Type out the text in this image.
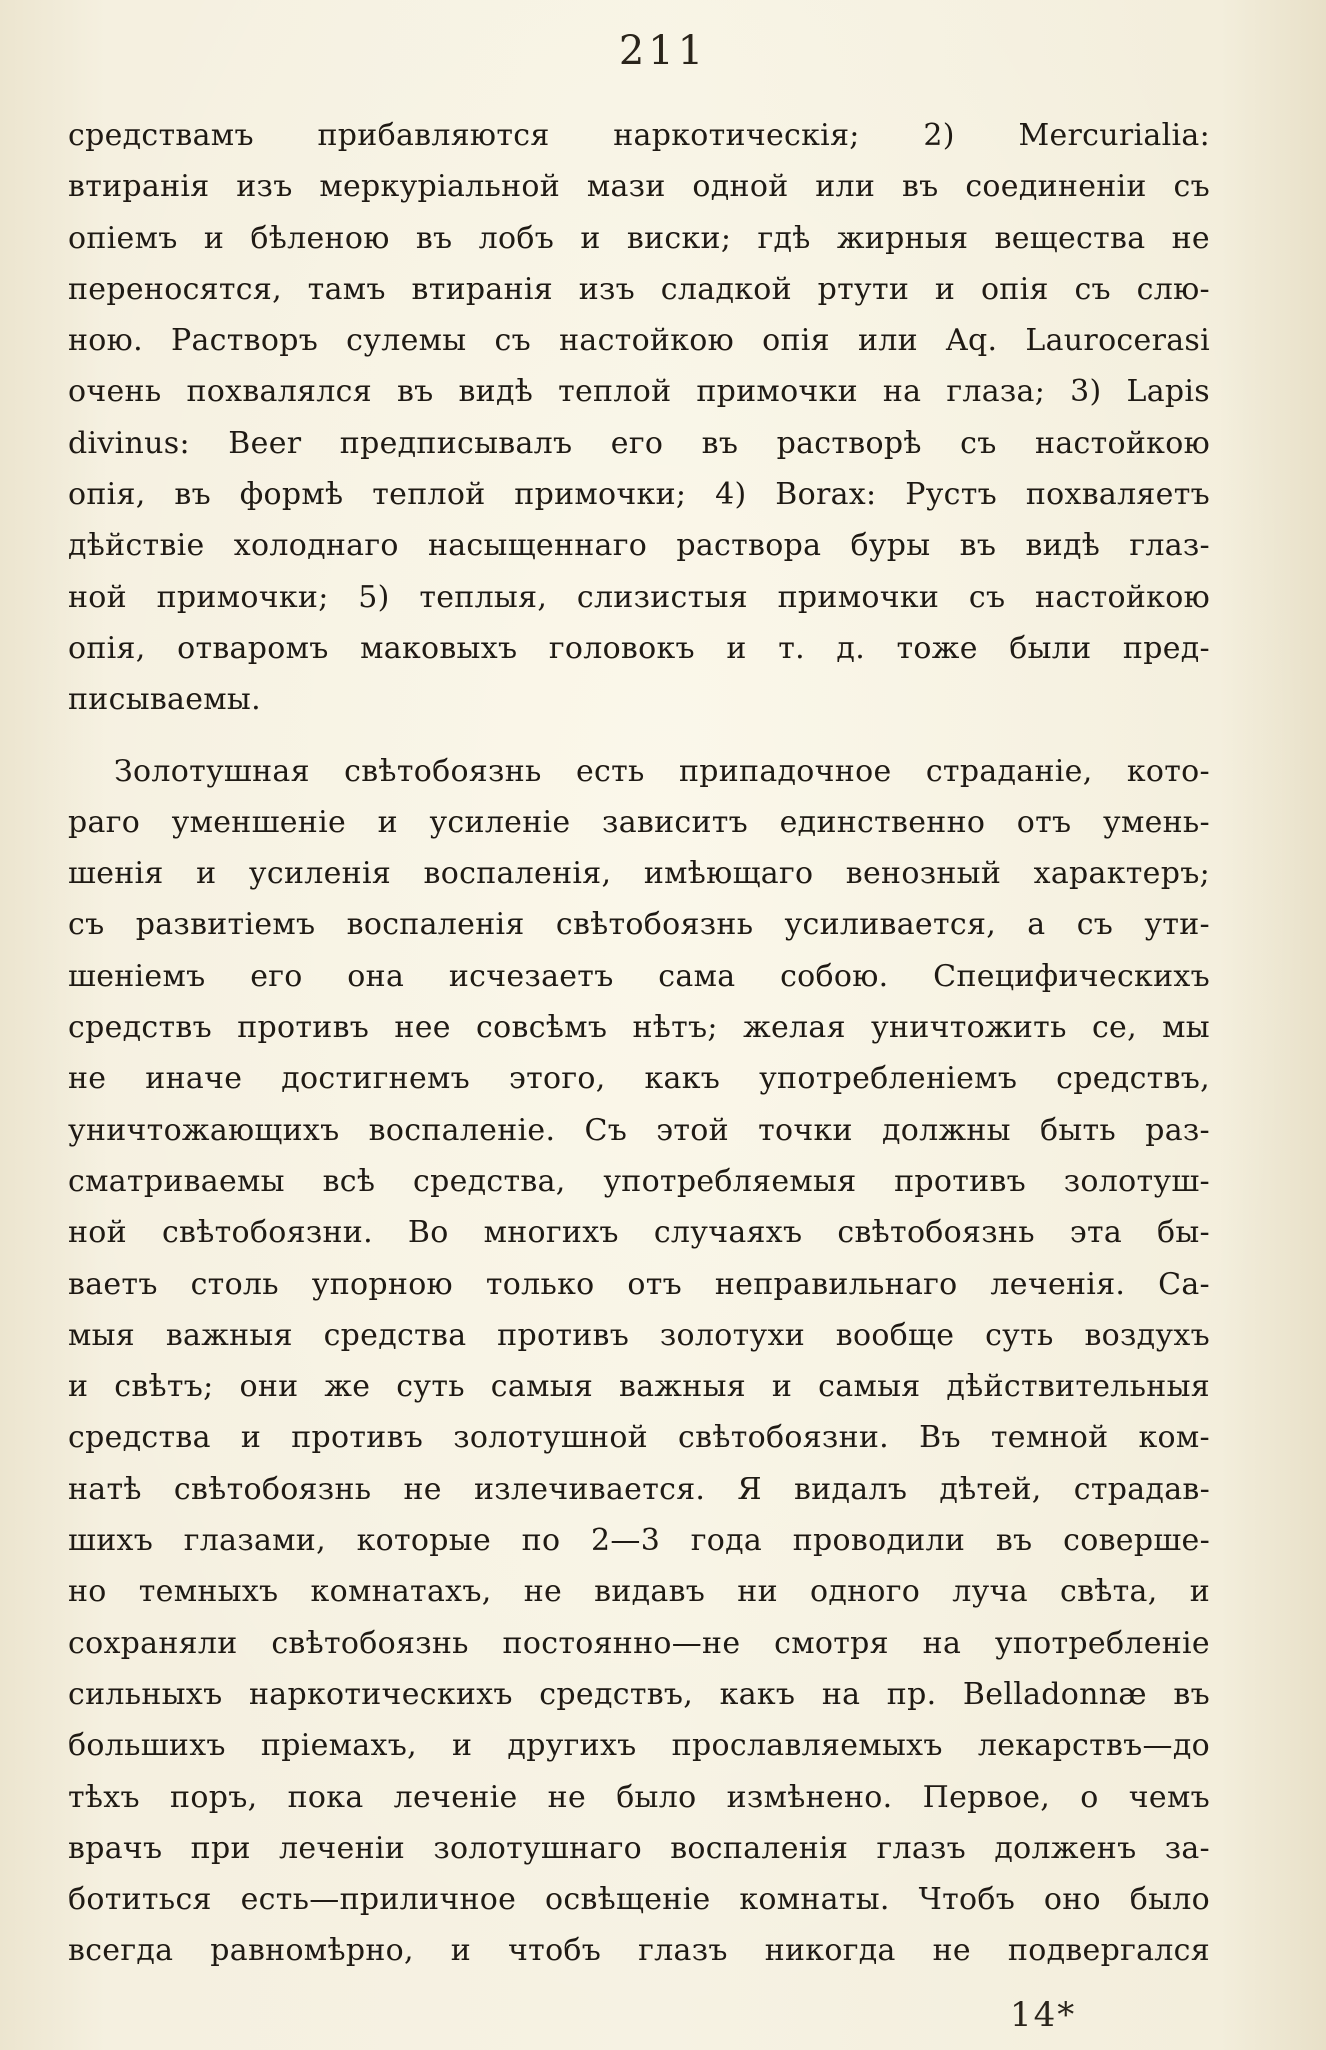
211
средствамъ прибавляются наркотическія; 2) Mercurialia:
втиранія изъ меркуріальной мази одной или въ соединеніи съ
опіемъ и бѣленою въ лобъ и виски; гдѣ жирныя вещества не
переносятся, тамъ втиранія изъ сладкой ртути и опія съ слю-
ною. Растворъ сулемы съ настойкою опія или Aq. Laurocerasi
очень похвалялся въ видѣ теплой примочки на глаза; 3) Lapis
divinus: Beer предписывалъ его въ растворѣ съ настойкою
опія, въ формѣ теплой примочки; 4) Borax: Рустъ похваляетъ
дѣйствіе холоднаго насыщеннаго раствора буры въ видѣ глаз-
ной примочки; 5) теплыя, слизистыя примочки съ настойкою
опія, отваромъ маковыхъ головокъ и т. д. тоже были пред-
писываемы.
Золотушная свѣтобоязнь есть припадочное страданіе, кото-
раго уменшеніе и усиленіе зависитъ единственно отъ умень-
шенія и усиленія воспаленія, имѣющаго венозный характеръ;
съ развитіемъ воспаленія свѣтобоязнь усиливается, а съ ути-
шеніемъ его она исчезаетъ сама собою. Специфическихъ
средствъ противъ нее совсѣмъ нѣтъ; желая уничтожить се, мы
не иначе достигнемъ этого, какъ употребленіемъ средствъ,
уничтожающихъ воспаленіе. Съ этой точки должны быть раз-
сматриваемы всѣ средства, употребляемыя противъ золотуш-
ной свѣтобоязни. Во многихъ случаяхъ свѣтобоязнь эта бы-
ваетъ столь упорною только отъ неправильнаго леченія. Са-
мыя важныя средства противъ золотухи вообще суть воздухъ
и свѣтъ; они же суть самыя важныя и самыя дѣйствительныя
средства и противъ золотушной свѣтобоязни. Въ темной ком-
натѣ свѣтобоязнь не излечивается. Я видалъ дѣтей, страдав-
шихъ глазами, которые по 2—3 года проводили въ соверше-
но темныхъ комнатахъ, не видавъ ни одного луча свѣта, и
сохраняли свѣтобоязнь постоянно—не смотря на употребленіе
сильныхъ наркотическихъ средствъ, какъ на пр. Belladonnæ въ
большихъ пріемахъ, и другихъ прославляемыхъ лекарствъ—до
тѣхъ поръ, пока леченіе не было измѣнено. Первое, о чемъ
врачъ при леченіи золотушнаго воспаленія глазъ долженъ за-
ботиться есть—приличное освѣщеніе комнаты. Чтобъ оно было
всегда равномѣрно, и чтобъ глазъ никогда не подвергался
14*
